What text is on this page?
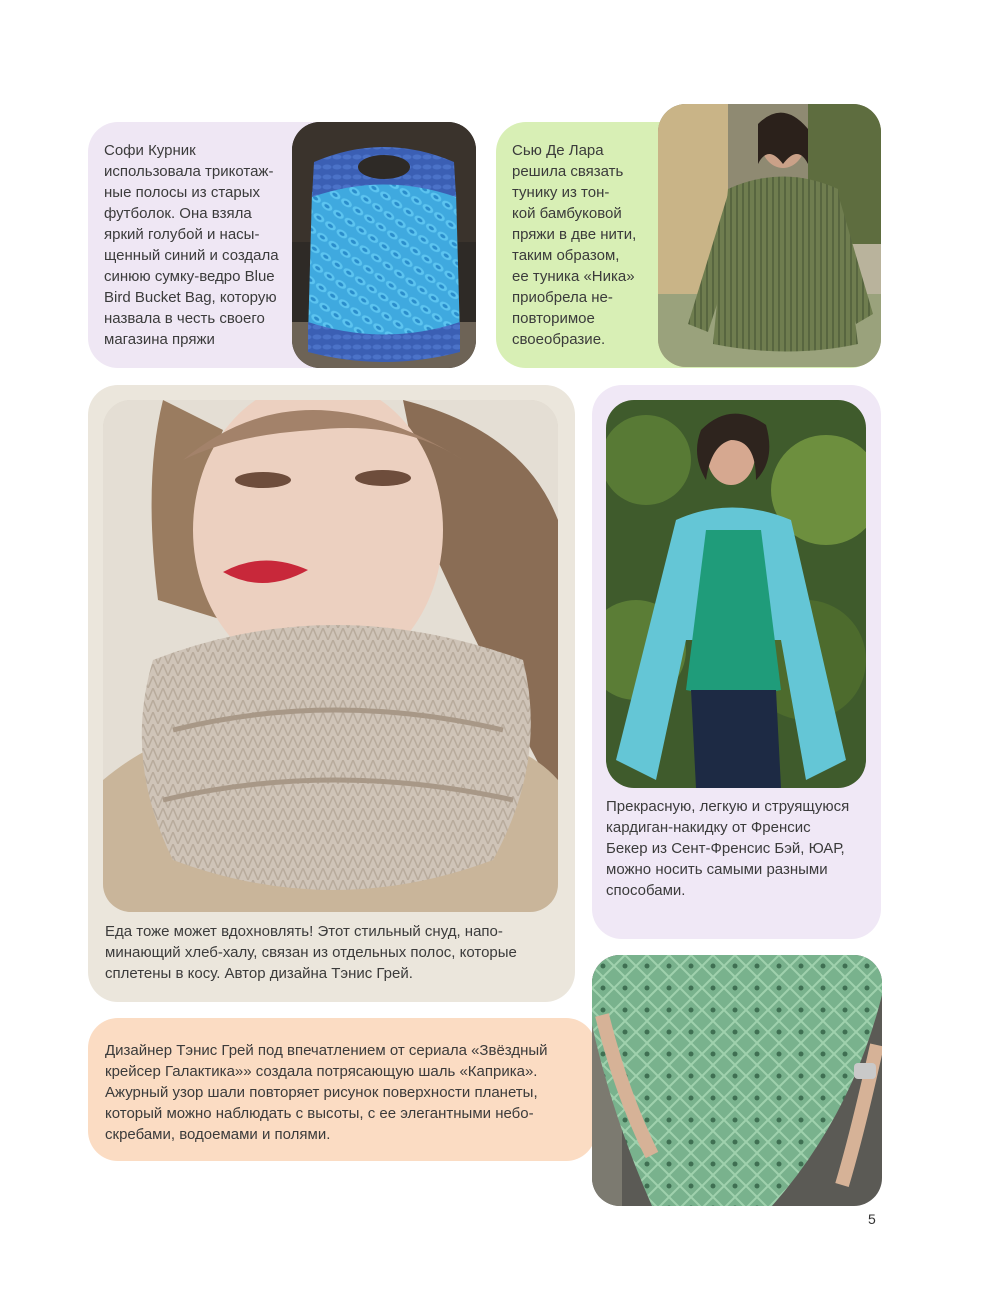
Софи Курник
использовала трикотаж-
ные полосы из старых
футболок. Она взяла
яркий голубой и насы-
щенный синий и создала
синюю сумку-ведро Blue
Bird Bucket Bag, которую
назвала в честь своего
магазина пряжи
Сью Де Лара
решила связать
тунику из тон-
кой бамбуковой
пряжи в две нити,
таким образом,
ее туника «Ника»
приобрела не-
повторимое
своеобразие.
Еда тоже может вдохновлять! Этот стильный снуд, напо-
минающий хлеб-халу, связан из отдельных полос, которые
сплетены в косу. Автор дизайна Тэнис Грей.
Прекрасную, легкую и струящуюся
кардиган-накидку от Френсис
Бекер из Сент-Френсис Бэй, ЮАР,
можно носить самыми разными
способами.
Дизайнер Тэнис Грей под впечатлением от сериала «Звёздный
крейсер Галактика»» создала потрясающую шаль «Каприка».
Ажурный узор шали повторяет рисунок поверхности планеты,
который можно наблюдать с высоты, с ее элегантными небо-
скребами, водоемами и полями.
5
